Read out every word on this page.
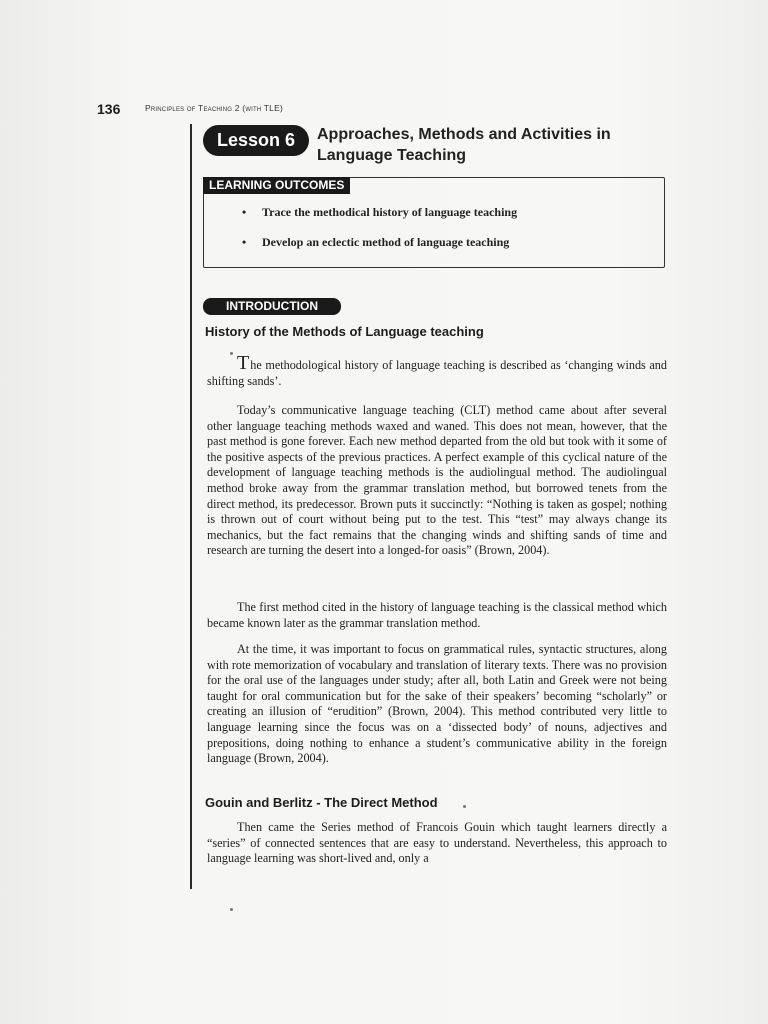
136	Principles of Teaching 2 (with TLE)
Lesson 6	Approaches, Methods and Activities in Language Teaching
LEARNING OUTCOMES
• Trace the methodical history of language teaching
• Develop an eclectic method of language teaching
INTRODUCTION
History of the Methods of Language teaching
The methodological history of language teaching is described as ‘changing winds and shifting sands’.
Today’s communicative language teaching (CLT) method came about after several other language teaching methods waxed and waned. This does not mean, however, that the past method is gone forever. Each new method departed from the old but took with it some of the positive aspects of the previous practices. A perfect example of this cyclical nature of the development of language teaching methods is the audiolingual method. The audiolingual method broke away from the grammar translation method, but borrowed tenets from the direct method, its predecessor. Brown puts it succinctly: “Nothing is taken as gospel; nothing is thrown out of court without being put to the test. This “test” may always change its mechanics, but the fact remains that the changing winds and shifting sands of time and research are turning the desert into a longed-for oasis” (Brown, 2004).
The first method cited in the history of language teaching is the classical method which became known later as the grammar translation method.
At the time, it was important to focus on grammatical rules, syntactic structures, along with rote memorization of vocabulary and translation of literary texts. There was no provision for the oral use of the languages under study; after all, both Latin and Greek were not being taught for oral communication but for the sake of their speakers’ becoming “scholarly” or creating an illusion of “erudition” (Brown, 2004). This method contributed very little to language learning since the focus was on a ‘dissected body’ of nouns, adjectives and prepositions, doing nothing to enhance a student’s communicative ability in the foreign language (Brown, 2004).
Gouin and Berlitz - The Direct Method
Then came the Series method of Francois Gouin which taught learners directly a “series” of connected sentences that are easy to understand. Nevertheless, this approach to language learning was short-lived and, only a
